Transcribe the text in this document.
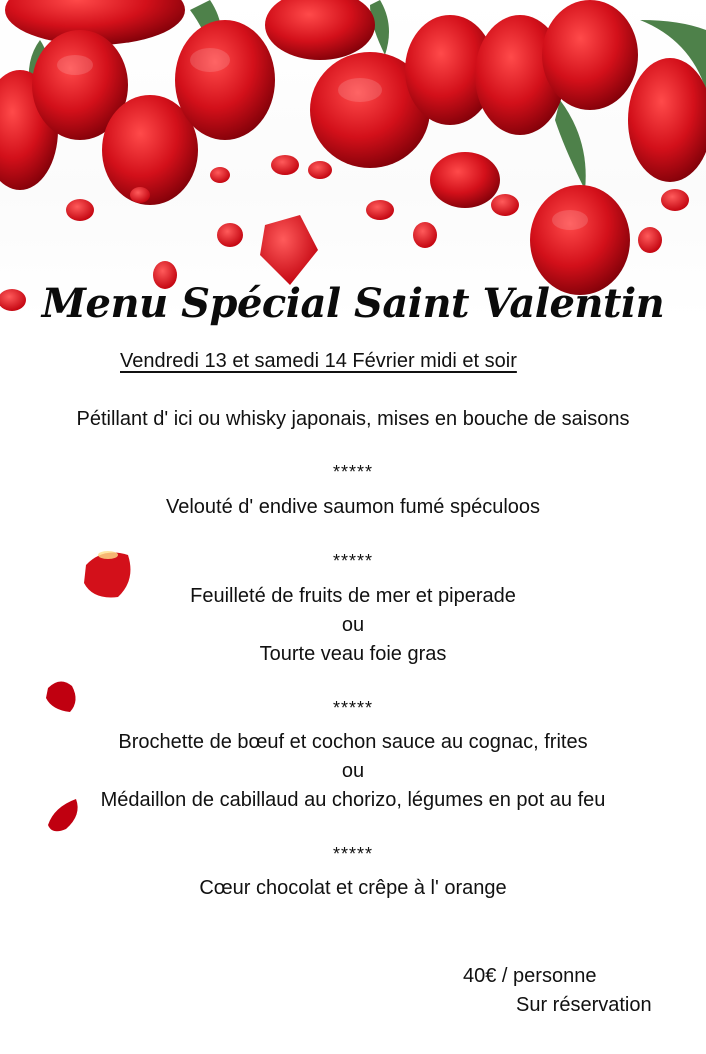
Menu Spécial Saint Valentin
Vendredi 13 et samedi 14 Février midi et soir
Pétillant d' ici ou whisky japonais, mises en bouche de saisons
*****
Velouté d' endive saumon fumé spéculoos
*****
Feuilleté de fruits de mer et piperade
ou
Tourte veau foie gras
*****
Brochette de bœuf et cochon sauce au cognac, frites
ou
Médaillon de cabillaud au chorizo, légumes en pot au feu
*****
Cœur chocolat et crêpe à l' orange
40€ / personne
Sur réservation
